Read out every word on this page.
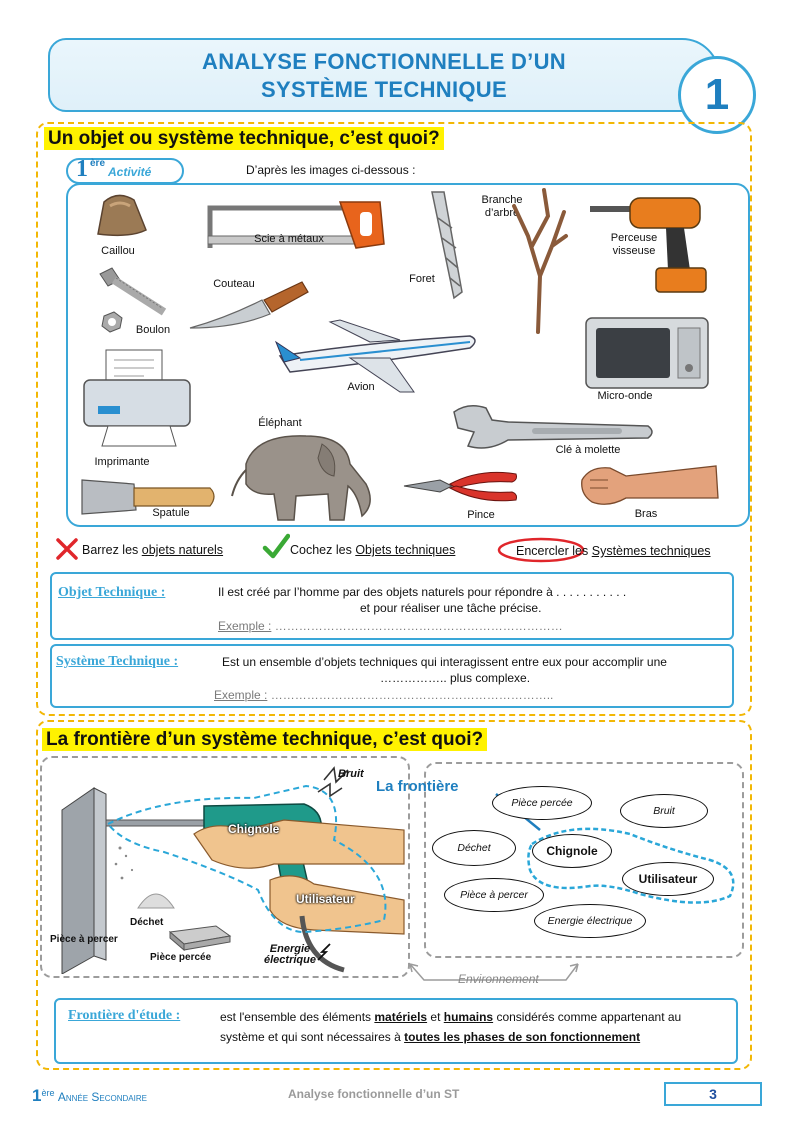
ANALYSE FONCTIONNELLE D’UN
SYSTÈME TECHNIQUE	1
Un objet ou système technique, c’est quoi?
1 ère
Activité	D’après les images ci-dessous :
Caillou
Scie à métaux
Foret
Branche d’arbre
Perceuse visseuse
Couteau
Boulon
Avion
Micro-onde
Imprimante
Éléphant
Clé à molette
Spatule	Pince	Bras
Barrez les objets naturels	Cochez les Objets techniques	Encercler les Systèmes techniques
Objet Technique :	Il est créé par l’homme par des objets naturels pour répondre à . . . . . . . . . . .
et pour réaliser une tâche précise.
Exemple : ………………………………………………………………
Système Technique :	Est un ensemble d’objets techniques qui interagissent entre eux pour accomplir une
…………….. plus complexe.
Exemple : ……………………………………………………………..
La frontière d’un système technique, c’est quoi?
Bruit
Chignole
Utilisateur
Déchet
Pièce à percer
Pièce percée
Energie
électrique
La frontière
Pièce percée
Bruit
Déchet	Chignole
Utilisateur
Pièce à percer
Energie électrique
Environnement
Frontière d'étude :	est l'ensemble des éléments matériels et humains considérés comme appartenant au
système et qui sont nécessaires à toutes les phases de son fonctionnement
1ère Année Secondaire	Analyse fonctionnelle d’un ST	3
